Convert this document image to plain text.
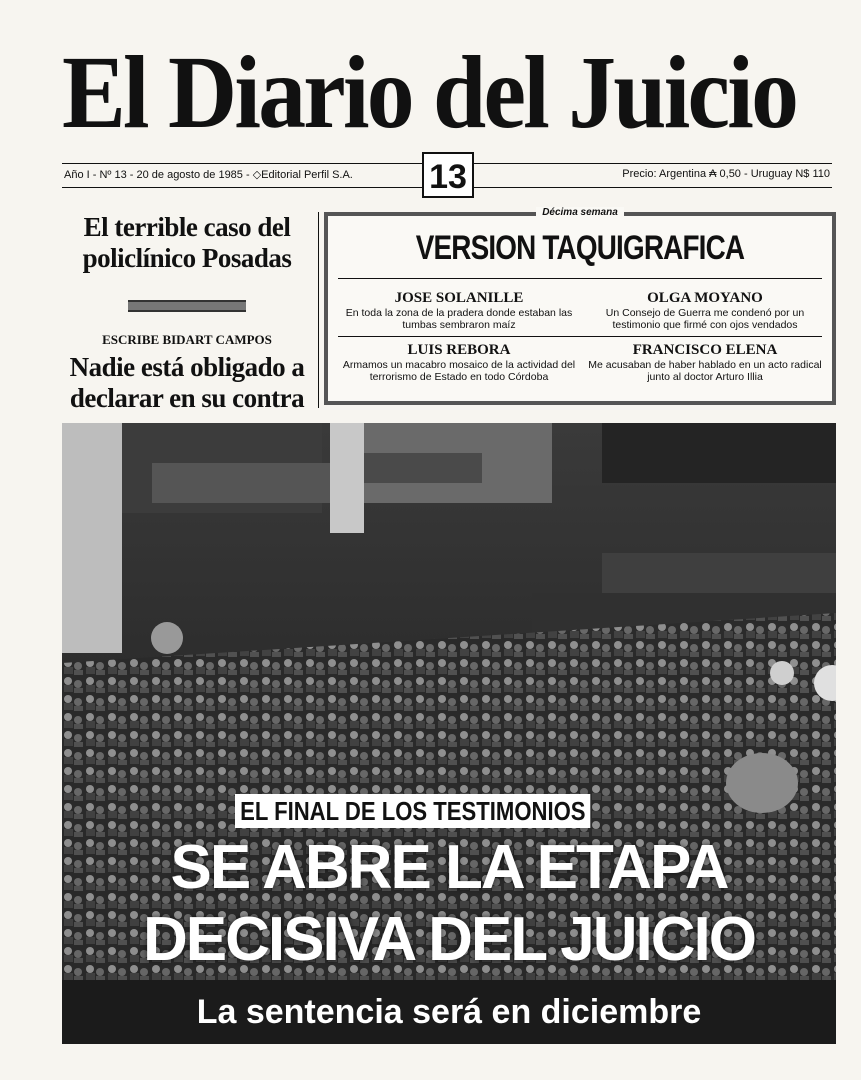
El Diario del Juicio
Año I - Nº 13 - 20 de agosto de 1985 - ◇Editorial Perfil S.A. 13	Precio: Argentina ₳ 0,50 - Uruguay N$ 110
El terrible caso del policlínico Posadas
ESCRIBE BIDART CAMPOS
Nadie está obligado a declarar en su contra
Décima semana
VERSION TAQUIGRAFICA
JOSE SOLANILLE
En toda la zona de la pradera donde estaban las tumbas sembraron maíz
OLGA MOYANO
Un Consejo de Guerra me condenó por un testimonio que firmé con ojos vendados
LUIS REBORA
Armamos un macabro mosaico de la actividad del terrorismo de Estado en todo Córdoba
FRANCISCO ELENA
Me acusaban de haber hablado en un acto radical junto al doctor Arturo Illia
EL FINAL DE LOS TESTIMONIOS
SE ABRE LA ETAPA
DECISIVA DEL JUICIO
La sentencia será en diciembre
